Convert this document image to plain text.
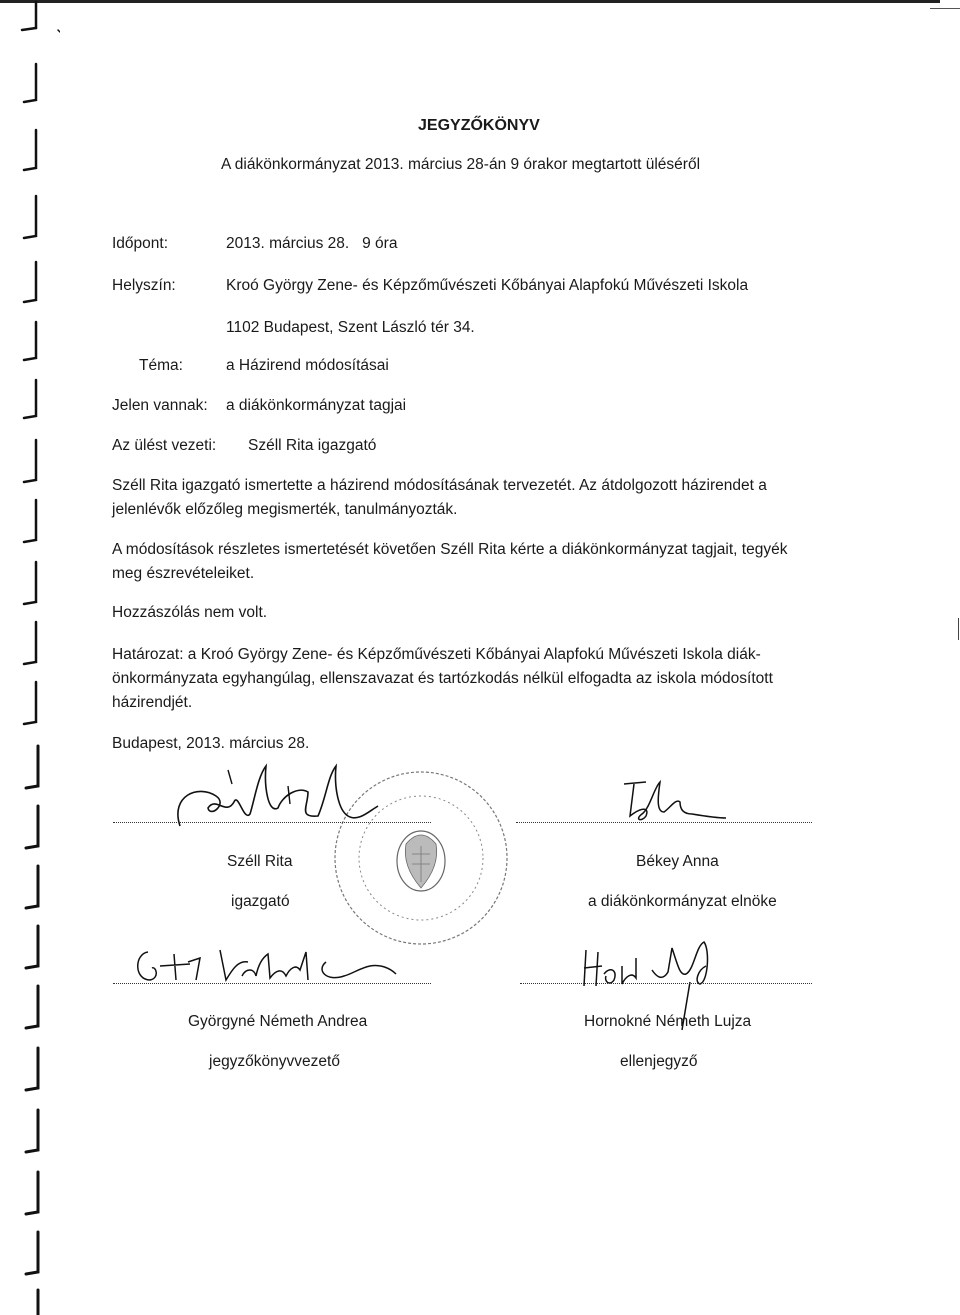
JEGYZŐKÖNYV
A diákönkormányzat 2013. március 28-án 9 órakor megtartott üléséről
Időpont:	2013. március 28.   9 óra
Helyszín:	Kroó György Zene- és Képzőművészeti Kőbányai Alapfokú Művészeti Iskola
1102 Budapest, Szent László tér 34.
Téma:	a Házirend módosításai
Jelen vannak: a diákönkormányzat tagjai
Az ülést vezeti: Széll Rita igazgató
Széll Rita igazgató ismertette a házirend módosításának tervezetét. Az átdolgozott házirendet a jelenlévők előzőleg megismerték, tanulmányozták.
A módosítások részletes ismertetését követően Széll Rita kérte a diákönkormányzat tagjait, tegyék meg észrevételeiket.
Hozzászólás nem volt.
Határozat: a Kroó György Zene- és Képzőművészeti Kőbányai Alapfokú Művészeti Iskola diák-önkormányzata egyhangúlag, ellenszavazat és tartózkodás nélkül elfogadta az iskola módosított házirendjét.
Budapest, 2013. március 28.
Széll Rita
igazgató
Békey Anna
a diákönkormányzat elnöke
Györgyné Németh Andrea
jegyzőkönyvvezető
Hornokné Németh Lujza
ellenjegyző
